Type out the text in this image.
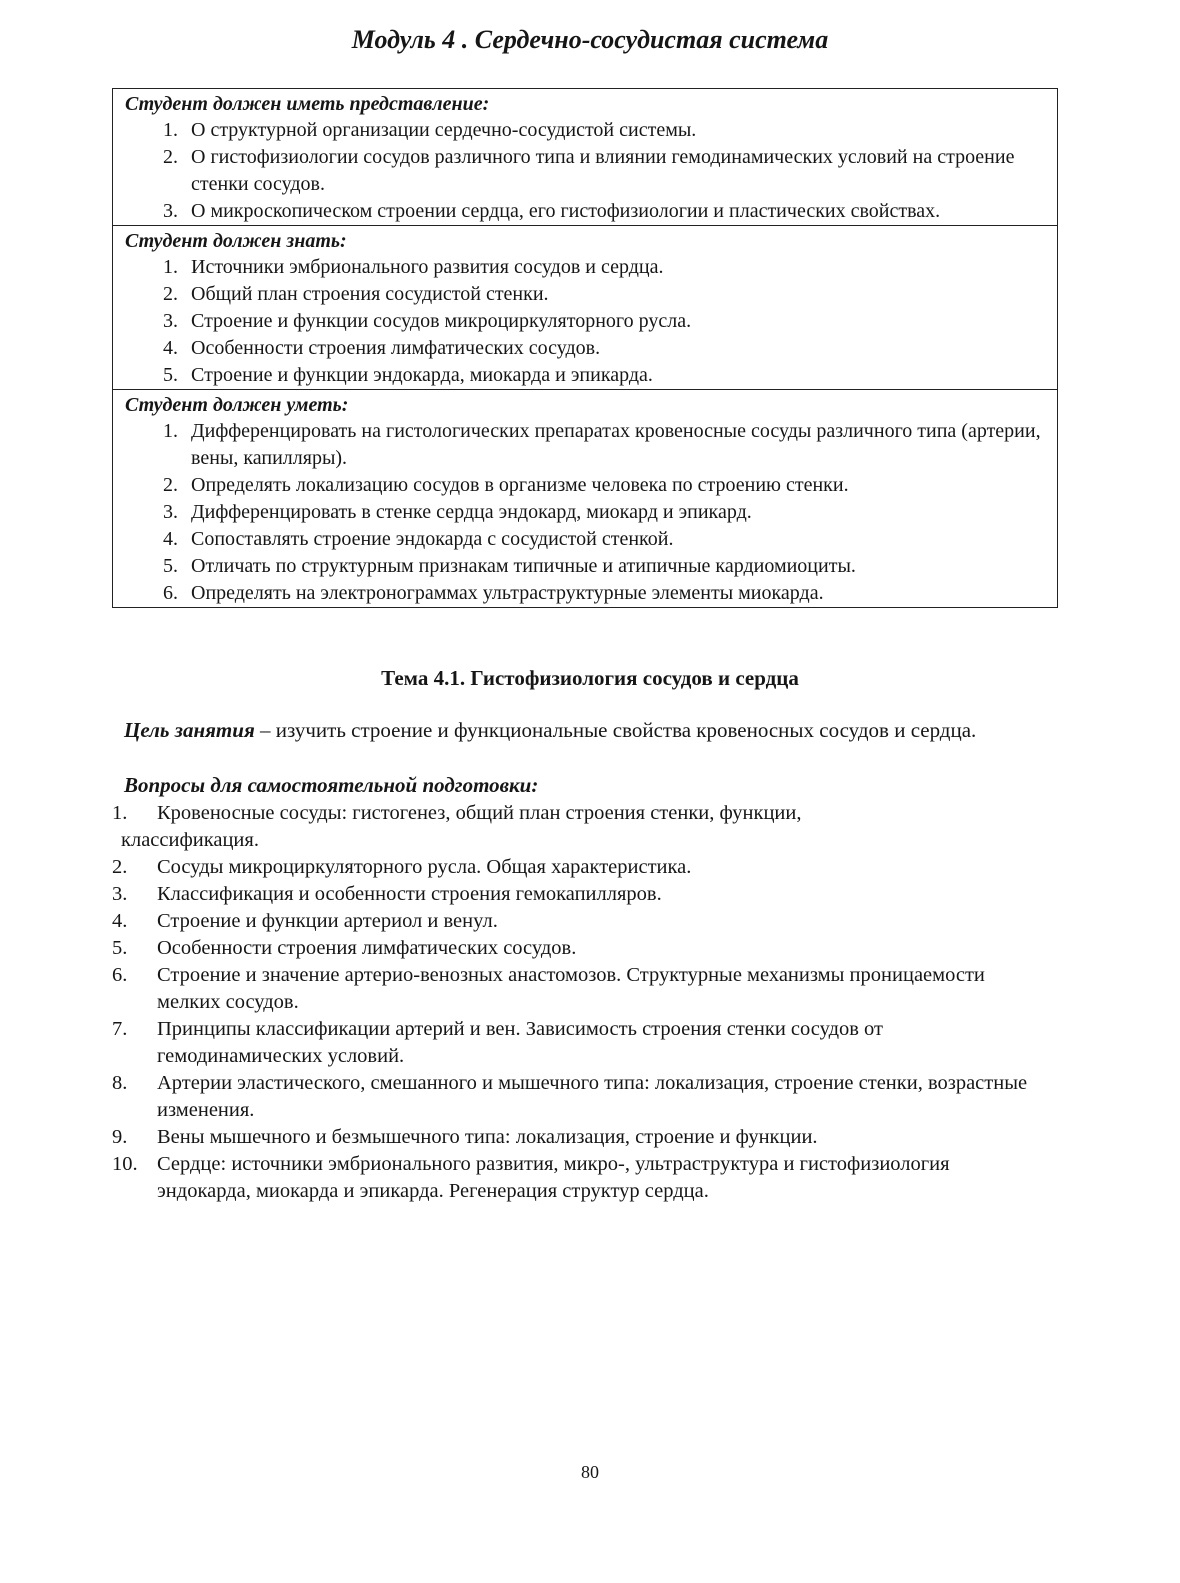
Модуль 4 . Сердечно-сосудистая система
Студент должен иметь представление:
1. О структурной организации сердечно-сосудистой системы.
2. О гистофизиологии сосудов различного типа и влиянии гемодинамических условий на строение стенки сосудов.
3. О микроскопическом строении сердца, его гистофизиологии и пластических свойствах.
Студент должен знать:
1. Источники эмбрионального развития сосудов и сердца.
2. Общий план строения сосудистой стенки.
3. Строение и функции сосудов микроциркуляторного русла.
4. Особенности строения лимфатических сосудов.
5. Строение и функции эндокарда, миокарда и эпикарда.
Студент должен уметь:
1. Дифференцировать на гистологических препаратах кровеносные сосуды различного типа (артерии, вены, капилляры).
2. Определять локализацию сосудов в организме человека по строению стенки.
3. Дифференцировать в стенке сердца эндокард, миокард и эпикард.
4. Сопоставлять строение эндокарда с сосудистой стенкой.
5. Отличать по структурным признакам типичные и атипичные кардиомиоциты.
6. Определять на электронограммах ультраструктурные элементы миокарда.
Тема 4.1. Гистофизиология сосудов и сердца
Цель занятия – изучить строение и функциональные свойства кровеносных сосудов и сердца.
Вопросы для самостоятельной подготовки:
1.	Кровеносные сосуды: гистогенез, общий план строения стенки, функции,
классификация.
2.	Сосуды микроциркуляторного русла. Общая характеристика.
3.	Классификация и особенности строения гемокапилляров.
4.	Строение и функции артериол и венул.
5.	Особенности строения лимфатических сосудов.
6.	Строение и значение артерио-венозных анастомозов. Структурные механизмы проницаемости мелких сосудов.
7.	Принципы классификации артерий и вен. Зависимость строения стенки сосудов от гемодинамических условий.
8.	Артерии эластического, смешанного и мышечного типа: локализация, строение стенки, возрастные изменения.
9.	Вены мышечного и безмышечного типа: локализация, строение и функции.
10. Сердце: источники эмбрионального развития, микро-, ультраструктура и гистофизиология эндокарда, миокарда и эпикарда. Регенерация структур сердца.
80
